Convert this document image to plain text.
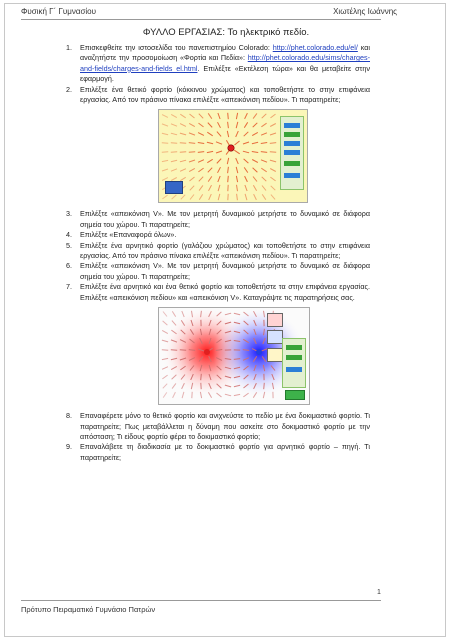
Φυσική Γ΄ Γυμνασίου	Χιωτέλης Ιωάννης
ΦΥΛΛΟ ΕΡΓΑΣΙΑΣ: Το ηλεκτρικό πεδίο.
1. Επισκεφθείτε την ιστοσελίδα του πανεπιστημίου Colorado: http://phet.colorado.edu/el/ και αναζητήστε την προσομοίωση «Φορτία και Πεδία»: http://phet.colorado.edu/sims/charges-and-fields/charges-and-fields_el.html. Επιλέξτε «Εκτέλεση τώρα» και θα μεταβείτε στην εφαρμογή.
2. Επιλέξτε ένα θετικό φορτίο (κόκκινου χρώματος) και τοποθετήστε το στην επιφάνεια εργασίας. Από τον πράσινο πίνακα επιλέξτε «απεικόνιση πεδίου». Τι παρατηρείτε;
3. Επιλέξτε «απεικόνιση V». Με τον μετρητή δυναμικού μετρήστε το δυναμικό σε διάφορα σημεία του χώρου. Τι παρατηρείτε;
4. Επιλέξτε «Επαναφορά όλων».
5. Επιλέξτε ένα αρνητικό φορτίο (γαλάζιου χρώματος) και τοποθετήστε το στην επιφάνεια εργασίας. Από τον πράσινο πίνακα επιλέξτε «απεικόνιση πεδίου». Τι παρατηρείτε;
6. Επιλέξτε «απεικόνιση V». Με τον μετρητή δυναμικού μετρήστε το δυναμικό σε διάφορα σημεία του χώρου. Τι παρατηρείτε;
7. Επιλέξτε ένα αρνητικό και ένα θετικό φορτίο και τοποθετήστε τα στην επιφάνεια εργασίας. Επιλέξτε «απεικόνιση πεδίου» και «απεικόνιση V». Καταγράψτε τις παρατηρήσεις σας.
8. Επαναφέρετε μόνο το θετικό φορτίο και ανιχνεύστε το πεδίο με ένα δοκιμαστικό φορτίο. Τι παρατηρείτε; Πως μεταβάλλεται η δύναμη που ασκείτε στο δοκιμαστικό φορτίο με την απόσταση; Τι είδους φορτίο φέρει το δοκιμαστικό φορτίο;
9. Επαναλάβετε τη διαδικασία με το δοκιμαστικό φορτίο για αρνητικό φορτίο – πηγή. Τι παρατηρείτε;
1
Πρότυπο Πειραματικό Γυμνάσιο Πατρών
